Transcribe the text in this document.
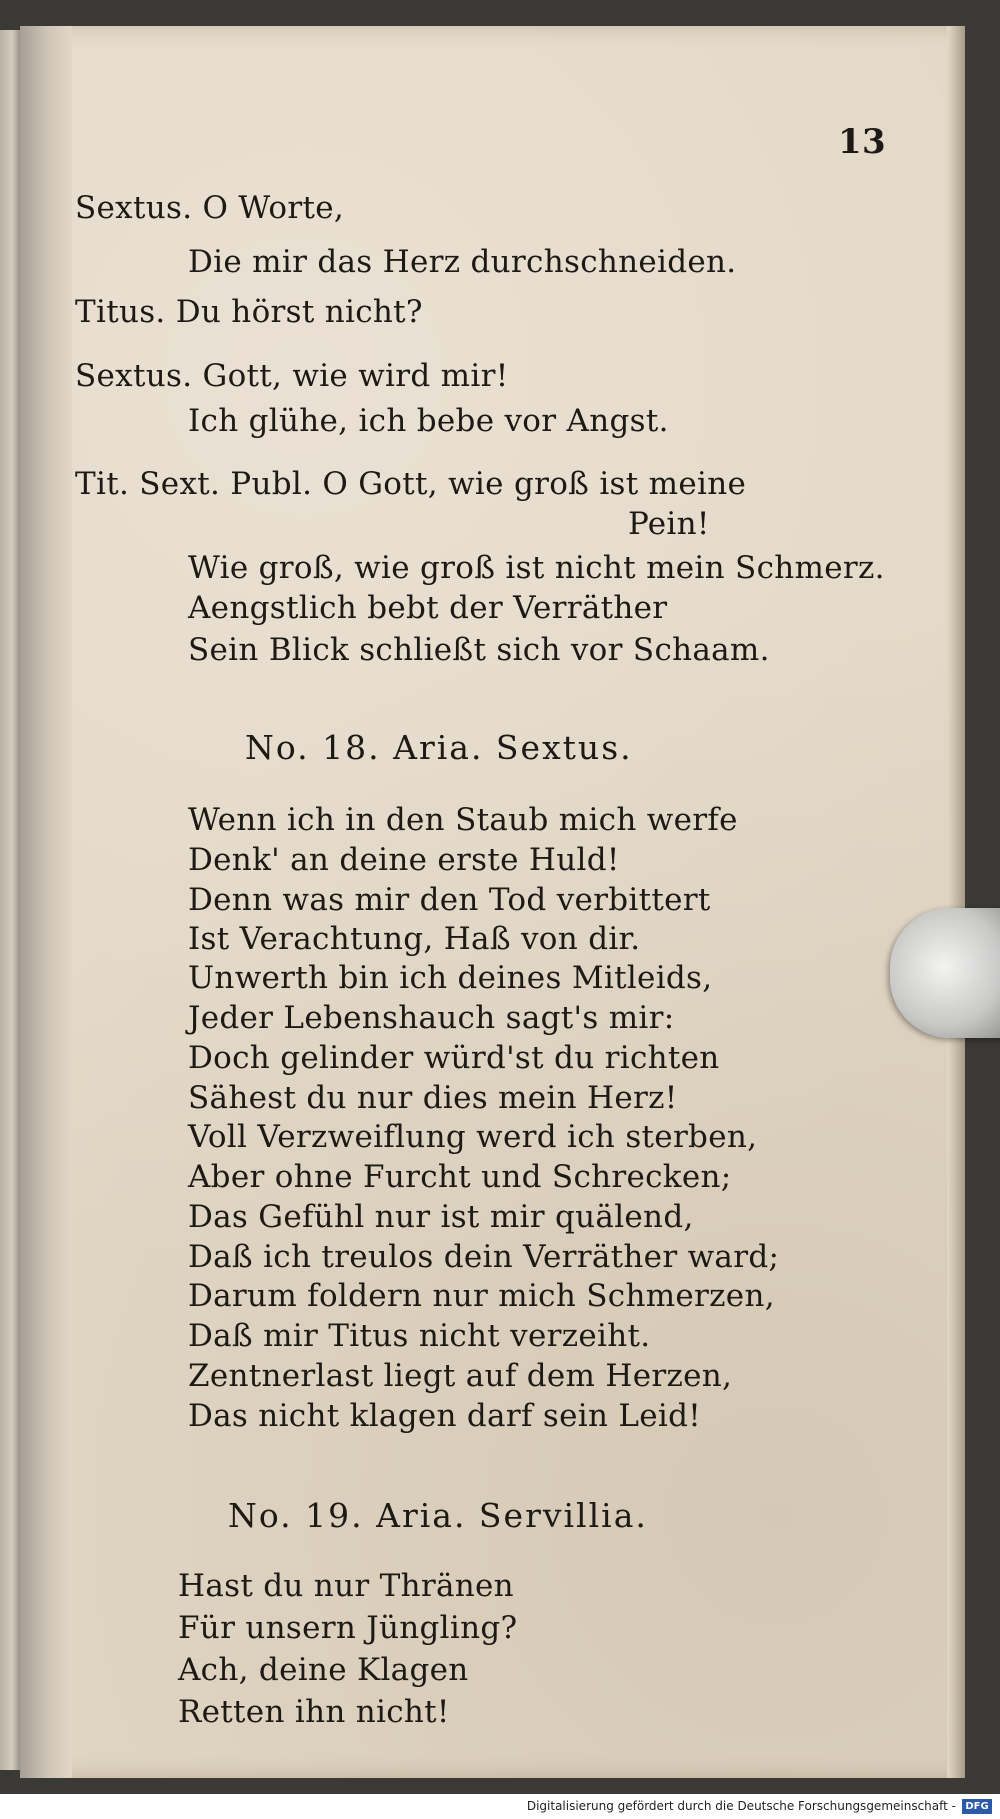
13
Sextus. O Worte,
Die mir das Herz durchschneiden.
Titus. Du hörst nicht?
Sextus. Gott, wie wird mir!
Ich glühe, ich bebe vor Angst.
Tit. Sext. Publ. O Gott, wie groß ist meine
Pein!
Wie groß, wie groß ist nicht mein Schmerz.
Aengstlich bebt der Verräther
Sein Blick schließt sich vor Schaam.
No. 18. Aria. Sextus.
Wenn ich in den Staub mich werfe
Denk' an deine erste Huld!
Denn was mir den Tod verbittert
Ist Verachtung, Haß von dir.
Unwerth bin ich deines Mitleids,
Jeder Lebenshauch sagt's mir:
Doch gelinder würd'st du richten
Sähest du nur dies mein Herz!
Voll Verzweiflung werd ich sterben,
Aber ohne Furcht und Schrecken;
Das Gefühl nur ist mir quälend,
Daß ich treulos dein Verräther ward;
Darum foldern nur mich Schmerzen,
Daß mir Titus nicht verzeiht.
Zentnerlast liegt auf dem Herzen,
Das nicht klagen darf sein Leid!
No. 19. Aria. Servillia.
Hast du nur Thränen
Für unsern Jüngling?
Ach, deine Klagen
Retten ihn nicht!
Digitalisierung gefördert durch die Deutsche Forschungsgemeinschaft - DFG
